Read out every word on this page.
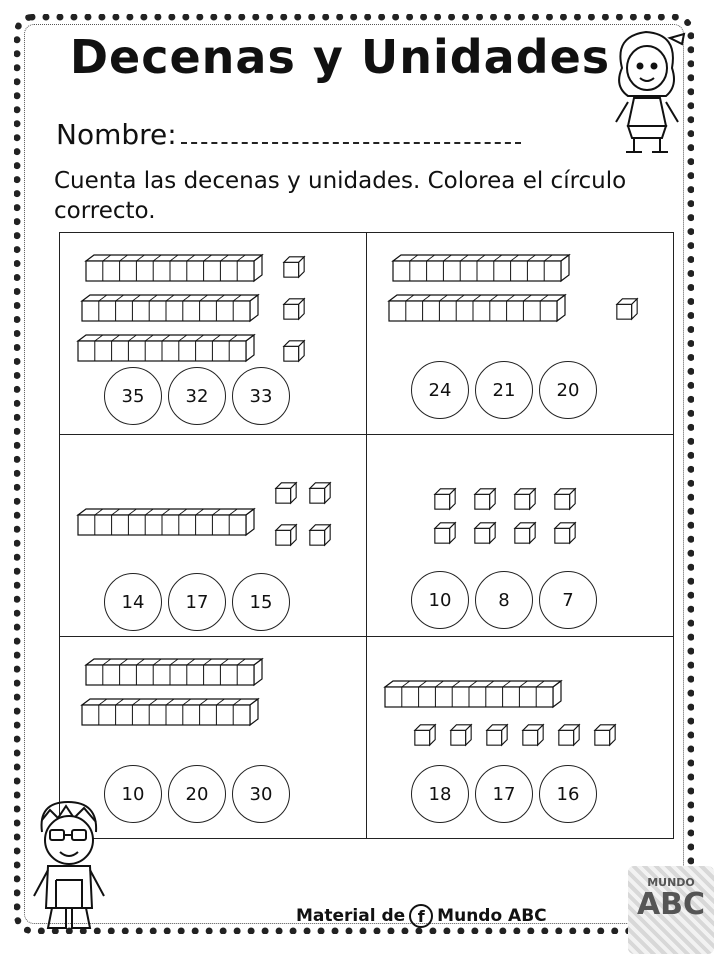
Decenas y Unidades
Nombre:
Cuenta las decenas y unidades. Colorea el círculo correcto.
35	32	33	24	21	20
14	17	15	10	8	7
10	20	30	18	17	16
Material de f Mundo ABC
MUNDO
ABC
